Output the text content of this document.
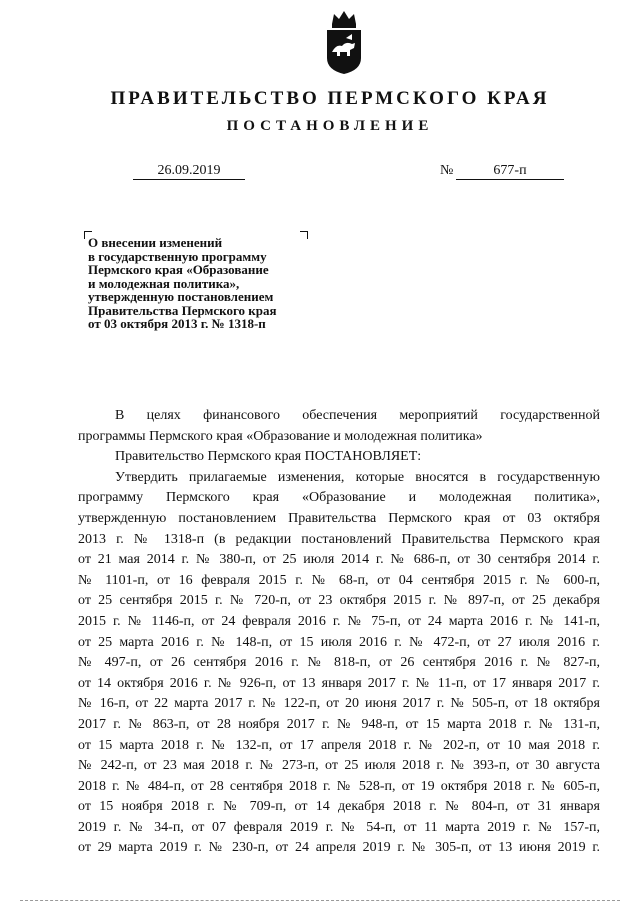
ПРАВИТЕЛЬСТВО ПЕРМСКОГО КРАЯ
ПОСТАНОВЛЕНИЕ
26.09.2019	№	677-п
О внесении изменений
в государственную программу
Пермского края «Образование
и молодежная политика»,
утвержденную постановлением
Правительства Пермского края
от 03 октября 2013 г. № 1318-п
В целях финансового обеспечения мероприятий государственной
программы Пермского края «Образование и молодежная политика»
Правительство Пермского края ПОСТАНОВЛЯЕТ:
Утвердить прилагаемые изменения, которые вносятся в государственную
программу Пермского края «Образование и молодежная политика»,
утвержденную постановлением Правительства Пермского края от 03 октября
2013 г. № 1318-п (в редакции постановлений Правительства Пермского края
от 21 мая 2014 г. № 380-п, от 25 июля 2014 г. № 686-п, от 30 сентября 2014 г.
№ 1101-п, от 16 февраля 2015 г. № 68-п, от 04 сентября 2015 г. № 600-п,
от 25 сентября 2015 г. № 720-п, от 23 октября 2015 г. № 897-п, от 25 декабря
2015 г. № 1146-п, от 24 февраля 2016 г. № 75-п, от 24 марта 2016 г. № 141-п,
от 25 марта 2016 г. № 148-п, от 15 июля 2016 г. № 472-п, от 27 июля 2016 г.
№ 497-п, от 26 сентября 2016 г. № 818-п, от 26 сентября 2016 г. № 827-п,
от 14 октября 2016 г. № 926-п, от 13 января 2017 г. № 11-п, от 17 января 2017 г.
№ 16-п, от 22 марта 2017 г. № 122-п, от 20 июня 2017 г. № 505-п, от 18 октября
2017 г. № 863-п, от 28 ноября 2017 г. № 948-п, от 15 марта 2018 г. № 131-п,
от 15 марта 2018 г. № 132-п, от 17 апреля 2018 г. № 202-п, от 10 мая 2018 г.
№ 242-п, от 23 мая 2018 г. № 273-п, от 25 июля 2018 г. № 393-п, от 30 августа
2018 г. № 484-п, от 28 сентября 2018 г. № 528-п, от 19 октября 2018 г. № 605-п,
от 15 ноября 2018 г. № 709-п, от 14 декабря 2018 г. № 804-п, от 31 января
2019 г. № 34-п, от 07 февраля 2019 г. № 54-п, от 11 марта 2019 г. № 157-п,
от 29 марта 2019 г. № 230-п, от 24 апреля 2019 г. № 305-п, от 13 июня 2019 г.
